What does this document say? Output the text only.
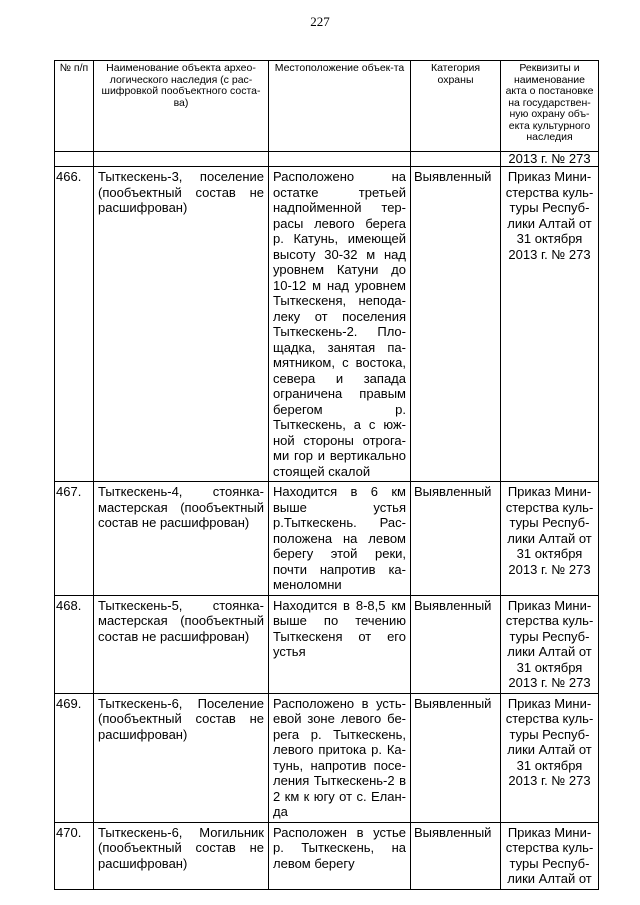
227
№ п/п	Наименование объекта архео-логического наследия (с рас-шифровкой пообъектного соста-ва)	Местоположение объек-та	Категория охраны	Реквизиты и наименование акта о постановке на государствен-ную охрану объ-екта культурного наследия
				2013 г. № 273
466.	Тыткескень-3, поселение (пообъектный состав не расшифрован)	Расположено на остатке третьей надпойменной тер-расы левого берега р. Катунь, имеющей высоту 30-32 м над уровнем Катуни до 10-12 м над уровнем Тыткескеня, непода-леку от поселения Тыткескень-2. Пло-щадка, занятая па-мятником, с востока, севера и запада ограничена правым берегом р. Тыткескень, а с юж-ной стороны отрога-ми гор и вертикально стоящей скалой	Выявленный	Приказ Мини-стерства куль-туры Респуб-лики Алтай от 31 октября 2013 г. № 273
467.	Тыткескень-4, стоянка-мастерская (пообъектный состав не расшифрован)	Находится в 6 км выше устья р.Тыткескень. Рас-положена на левом берегу этой реки, почти напротив ка-меноломни	Выявленный	Приказ Мини-стерства куль-туры Респуб-лики Алтай от 31 октября 2013 г. № 273
468.	Тыткескень-5, стоянка-мастерская (пообъектный состав не расшифрован)	Находится в 8-8,5 км выше по течению Тыткескеня от его устья	Выявленный	Приказ Мини-стерства куль-туры Респуб-лики Алтай от 31 октября 2013 г. № 273
469.	Тыткескень-6, Поселение (пообъектный состав не расшифрован)	Расположено в усть-евой зоне левого бе-рега р. Тыткескень, левого притока р. Ка-тунь, напротив посе-ления Тыткескень-2 в 2 км к югу от с. Елан-да	Выявленный	Приказ Мини-стерства куль-туры Респуб-лики Алтай от 31 октября 2013 г. № 273
470.	Тыткескень-6, Могильник (пообъектный состав не расшифрован)	Расположен в устье р. Тыткескень, на левом берегу	Выявленный	Приказ Мини-стерства куль-туры Респуб-лики Алтай от
